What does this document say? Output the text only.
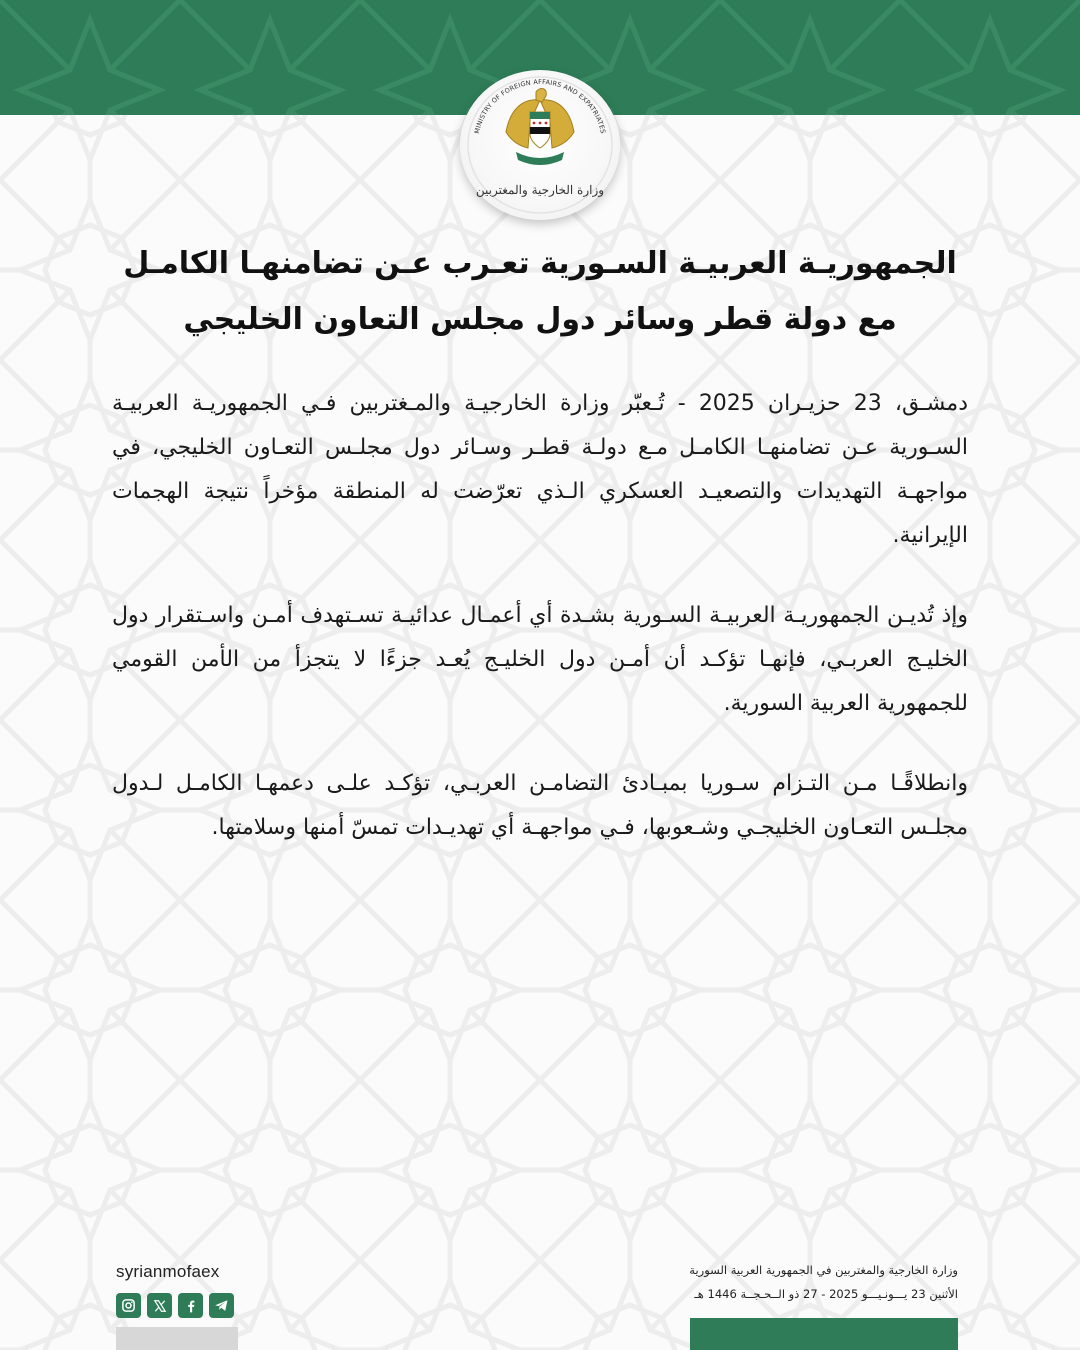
MINISTRY OF FOREIGN AFFAIRS AND EXPATRIATES
وزارة الخارجية والمغتربين
الجمهوريـة العربيـة السـورية تعـرب عـن تضامنهـا الكامـل
مع دولة قطر وسائر دول مجلس التعاون الخليجي

دمشـق، 23 حزيـران 2025 - تُـعبّر وزارة الخارجيـة والمـغتربين فـي الجمهوريـة العربيـة السـورية عـن تضامنهـا الكامـل مـع دولـة قطـر وسـائر دول مجلـس التعـاون الخليجي، في مواجهـة التهديدات والتصعيـد العسكري الـذي تعرّضت له المنطقة مؤخراً نتيجة الهجمات الإيرانية.

وإذ تُديـن الجمهوريـة العربيـة السـورية بشـدة أي أعمـال عدائيـة تسـتهدف أمـن واسـتقرار دول الخليـج العربـي، فإنهـا تؤكـد أن أمـن دول الخليـج يُعـد جزءًا لا يتجزأ من الأمن القومي للجمهورية العربية السورية.

وانطلاقًـا مـن التـزام سـوريا بمبـادئ التضامـن العربـي، تؤكـد علـى دعمهـا الكامـل لـدول مجلـس التعـاون الخليجـي وشـعوبها، فـي مواجهـة أي تهديـدات تمسّ أمنها وسلامتها.

syrianmofaex	وزارة الخارجية والمغتربين في الجمهورية العربية السورية
الأثنين 23 يـــونـيـــو 2025 - 27 ذو الــحـجــة 1446 هـ
